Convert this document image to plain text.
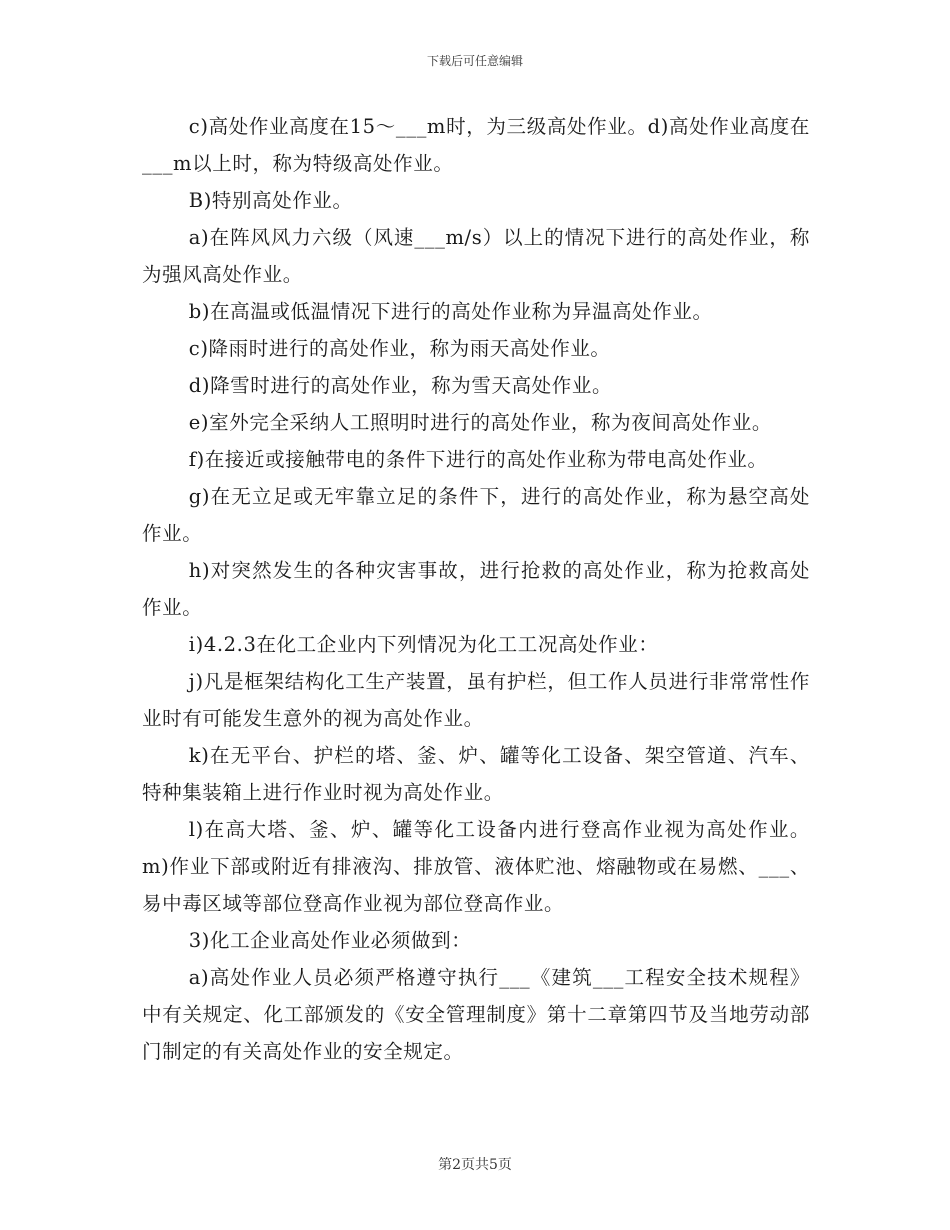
下载后可任意编辑

c)高处作业高度在15～___m时，为三级高处作业。d)高处作业高度在___m以上时，称为特级高处作业。

B)特别高处作业。

a)在阵风风力六级（风速___m/s）以上的情况下进行的高处作业，称为强风高处作业。

b)在高温或低温情况下进行的高处作业称为异温高处作业。

c)降雨时进行的高处作业，称为雨天高处作业。

d)降雪时进行的高处作业，称为雪天高处作业。

e)室外完全采纳人工照明时进行的高处作业，称为夜间高处作业。

f)在接近或接触带电的条件下进行的高处作业称为带电高处作业。

g)在无立足或无牢靠立足的条件下，进行的高处作业，称为悬空高处作业。

h)对突然发生的各种灾害事故，进行抢救的高处作业，称为抢救高处作业。

i)4.2.3在化工企业内下列情况为化工工况高处作业：

j)凡是框架结构化工生产装置，虽有护栏，但工作人员进行非常常性作业时有可能发生意外的视为高处作业。

k)在无平台、护栏的塔、釜、炉、罐等化工设备、架空管道、汽车、特种集装箱上进行作业时视为高处作业。

l)在高大塔、釜、炉、罐等化工设备内进行登高作业视为高处作业。m)作业下部或附近有排液沟、排放管、液体贮池、熔融物或在易燃、___、易中毒区域等部位登高作业视为部位登高作业。

3)化工企业高处作业必须做到：

a)高处作业人员必须严格遵守执行___《建筑___工程安全技术规程》中有关规定、化工部颁发的《安全管理制度》第十二章第四节及当地劳动部门制定的有关高处作业的安全规定。

第2页共5页
